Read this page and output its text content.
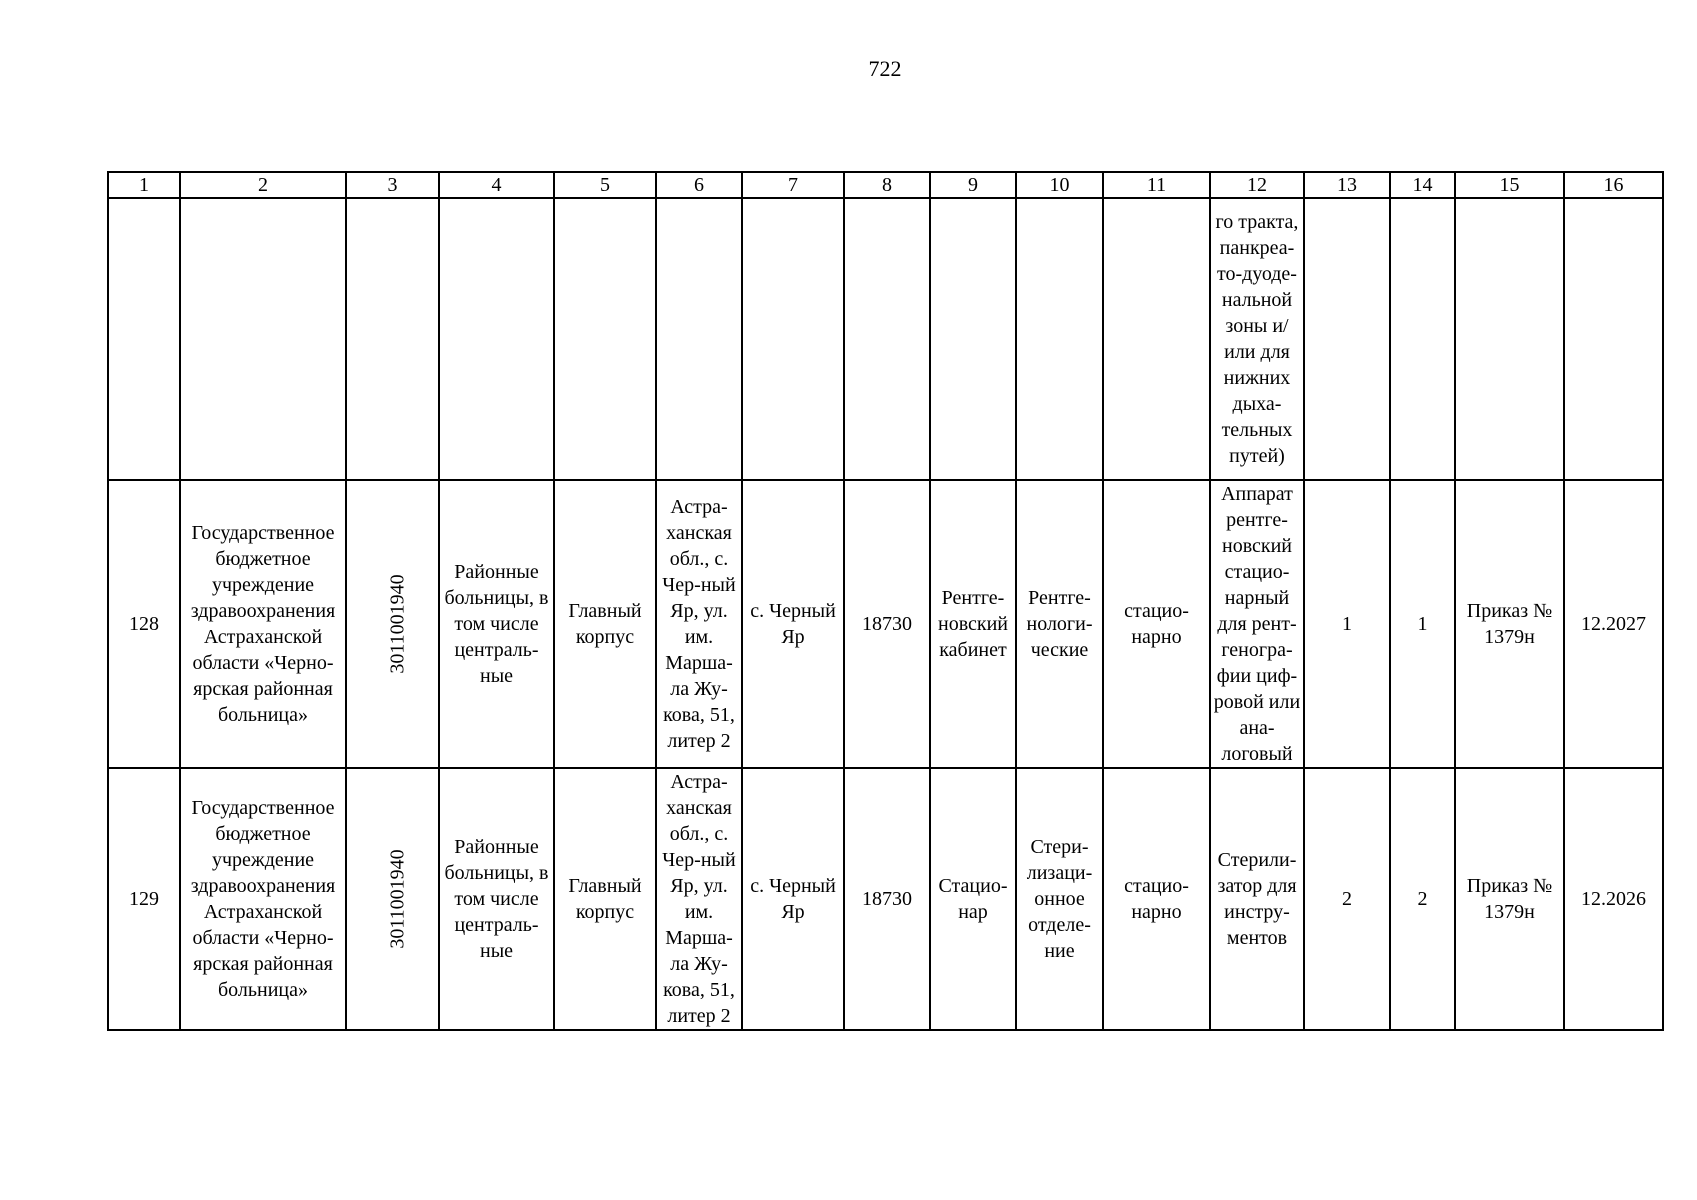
722
1	2	3	4	5	6	7	8	9	10	11	12	13	14	15	16
											го тракта, панкреа-то-дуоде-нальной зоны и/или для нижних дыха-тельных путей)				
128	Государственное бюджетное учреждение здравоохранения Астраханской области «Черно-ярская районная больница»	3011001940	Районные больницы, в том числе централь-ные	Главный корпус	Астра-ханская обл., с. Чер-ный Яр, ул. им. Марша-ла Жу-кова, 51, литер 2	с. Черный Яр	18730	Рентге-новский кабинет	Рентге-нологи-ческие	стацио-нарно	Аппарат рентге-новский стацио-нарный для рент-геногра-фии циф-ровой или ана-логовый	1	1	Приказ № 1379н	12.2027
129	Государственное бюджетное учреждение здравоохранения Астраханской области «Черно-ярская районная больница»	3011001940	Районные больницы, в том числе централь-ные	Главный корпус	Астра-ханская обл., с. Чер-ный Яр, ул. им. Марша-ла Жу-кова, 51, литер 2	с. Черный Яр	18730	Стацио-нар	Стери-лизаци-онное отделе-ние	стацио-нарно	Стерили-затор для инстру-ментов	2	2	Приказ № 1379н	12.2026
